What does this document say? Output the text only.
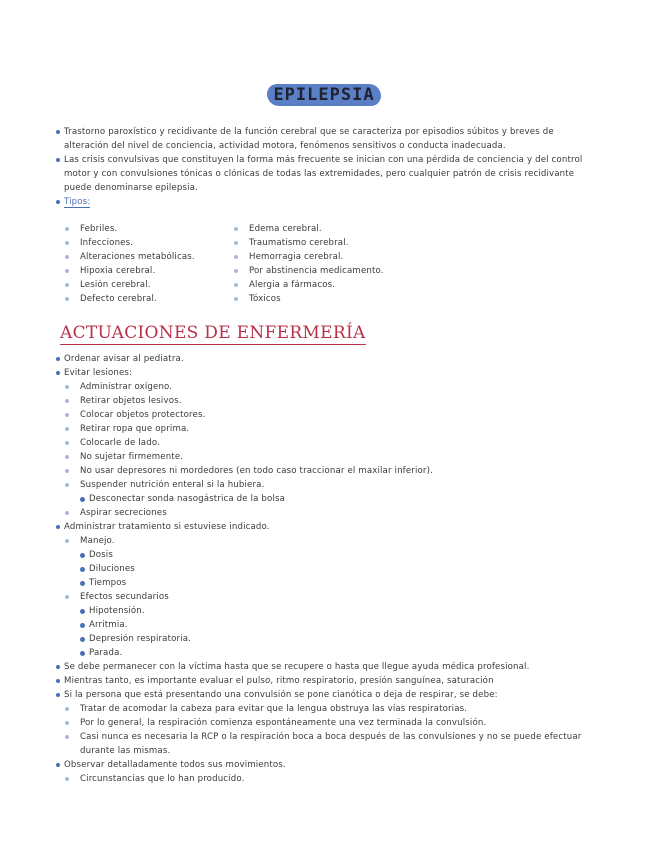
EPILEPSIA
Trastorno paroxístico y recidivante de la función cerebral que se caracteriza por episodios súbitos y breves de alteración del nivel de conciencia, actividad motora, fenómenos sensitivos o conducta inadecuada.
Las crisis convulsivas que constituyen la forma más frecuente se inician con una pérdida de conciencia y del control motor y con convulsiones tónicas o clónicas de todas las extremidades, pero cualquier patrón de crisis recidivante puede denominarse epilepsia.
Tipos:
Febriles.
Infecciones.
Alteraciones metabólicas.
Hipoxia cerebral.
Lesión cerebral.
Defecto cerebral.
Edema cerebral.
Traumatismo cerebral.
Hemorragia cerebral.
Por abstinencia medicamento.
Alergia a fármacos.
Tóxicos
ACTUACIONES DE ENFERMERÍA
Ordenar avisar al pediatra.
Evitar lesiones:
Administrar oxígeno.
Retirar objetos lesivos.
Colocar objetos protectores.
Retirar ropa que oprima.
Colocarle de lado.
No sujetar firmemente.
No usar depresores ni mordedores (en todo caso traccionar el maxilar inferior).
Suspender nutrición enteral si la hubiera.
Desconectar sonda nasogástrica de la bolsa
Aspirar secreciones
Administrar tratamiento si estuviese indicado.
Manejo.
Dosis
Diluciones
Tiempos
Efectos secundarios
Hipotensión.
Arritmia.
Depresión respiratoria.
Parada.
Se debe permanecer con la víctima hasta que se recupere o hasta que llegue ayuda médica profesional.
Mientras tanto, es importante evaluar el pulso, ritmo respiratorio, presión sanguínea, saturación
Si la persona que está presentando una convulsión se pone cianótica o deja de respirar, se debe:
Tratar de acomodar la cabeza para evitar que la lengua obstruya las vías respiratorias.
Por lo general, la respiración comienza espontáneamente una vez terminada la convulsión.
Casi nunca es necesaria la RCP o la respiración boca a boca después de las convulsiones y no se puede efectuar durante las mismas.
Observar detalladamente todos sus movimientos.
Circunstancias que lo han producido.
